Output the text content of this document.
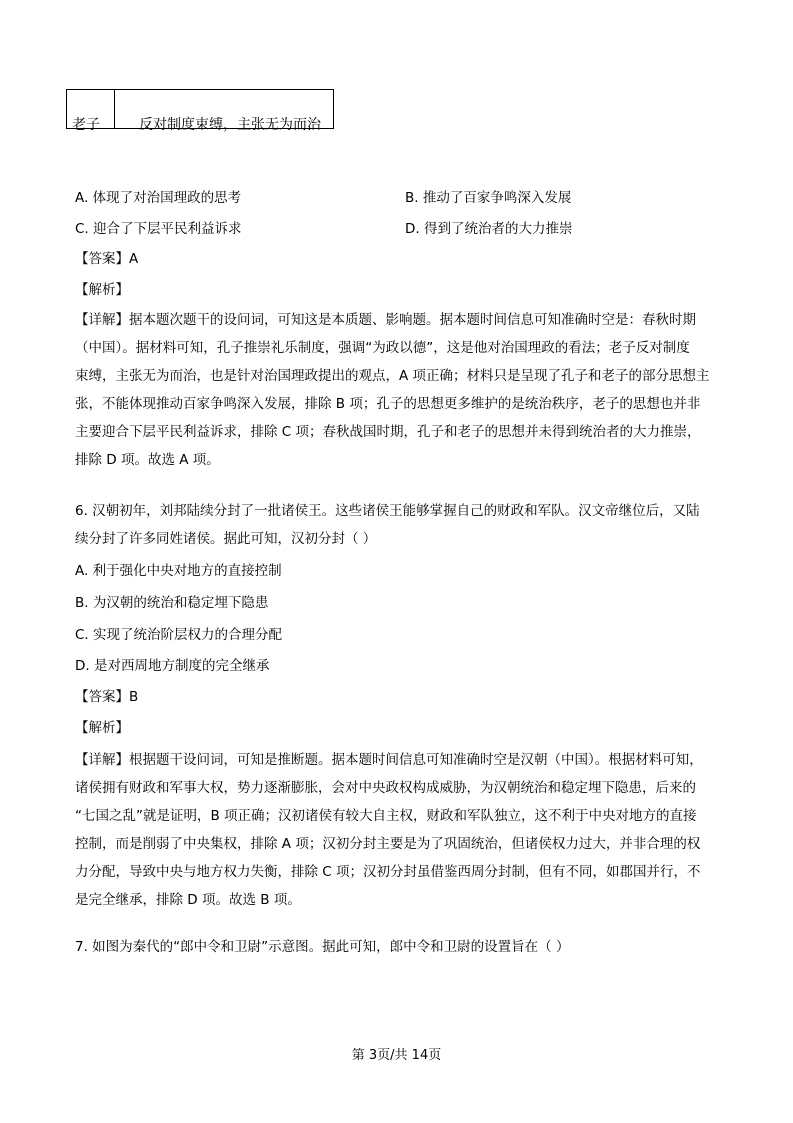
老子	反对制度束缚，主张无为而治
A. 体现了对治国理政的思考	B. 推动了百家争鸣深入发展
C. 迎合了下层平民利益诉求	D. 得到了统治者的大力推崇
【答案】A
【解析】
【详解】据本题次题干的设问词，可知这是本质题、影响题。据本题时间信息可知准确时空是：春秋时期
（中国）。据材料可知，孔子推崇礼乐制度，强调“为政以德”，这是他对治国理政的看法；老子反对制度
束缚，主张无为而治，也是针对治国理政提出的观点，A 项正确；材料只是呈现了孔子和老子的部分思想主
张，不能体现推动百家争鸣深入发展，排除 B 项；孔子的思想更多维护的是统治秩序，老子的思想也并非
主要迎合下层平民利益诉求，排除 C 项；春秋战国时期，孔子和老子的思想并未得到统治者的大力推崇，
排除 D 项。故选 A 项。
6. 汉朝初年，刘邦陆续分封了一批诸侯王。这些诸侯王能够掌握自己的财政和军队。汉文帝继位后，又陆
续分封了许多同姓诸侯。据此可知，汉初分封（ ）
A. 利于强化中央对地方的直接控制
B. 为汉朝的统治和稳定埋下隐患
C. 实现了统治阶层权力的合理分配
D. 是对西周地方制度的完全继承
【答案】B
【解析】
【详解】根据题干设问词，可知是推断题。据本题时间信息可知准确时空是汉朝（中国）。根据材料可知，
诸侯拥有财政和军事大权，势力逐渐膨胀，会对中央政权构成威胁，为汉朝统治和稳定埋下隐患，后来的
“七国之乱”就是证明，B 项正确；汉初诸侯有较大自主权，财政和军队独立，这不利于中央对地方的直接
控制，而是削弱了中央集权，排除 A 项；汉初分封主要是为了巩固统治，但诸侯权力过大，并非合理的权
力分配，导致中央与地方权力失衡，排除 C 项；汉初分封虽借鉴西周分封制，但有不同，如郡国并行，不
是完全继承，排除 D 项。故选 B 项。
7. 如图为秦代的“郎中令和卫尉”示意图。据此可知，郎中令和卫尉的设置旨在（ ）
第 3页/共 14页
